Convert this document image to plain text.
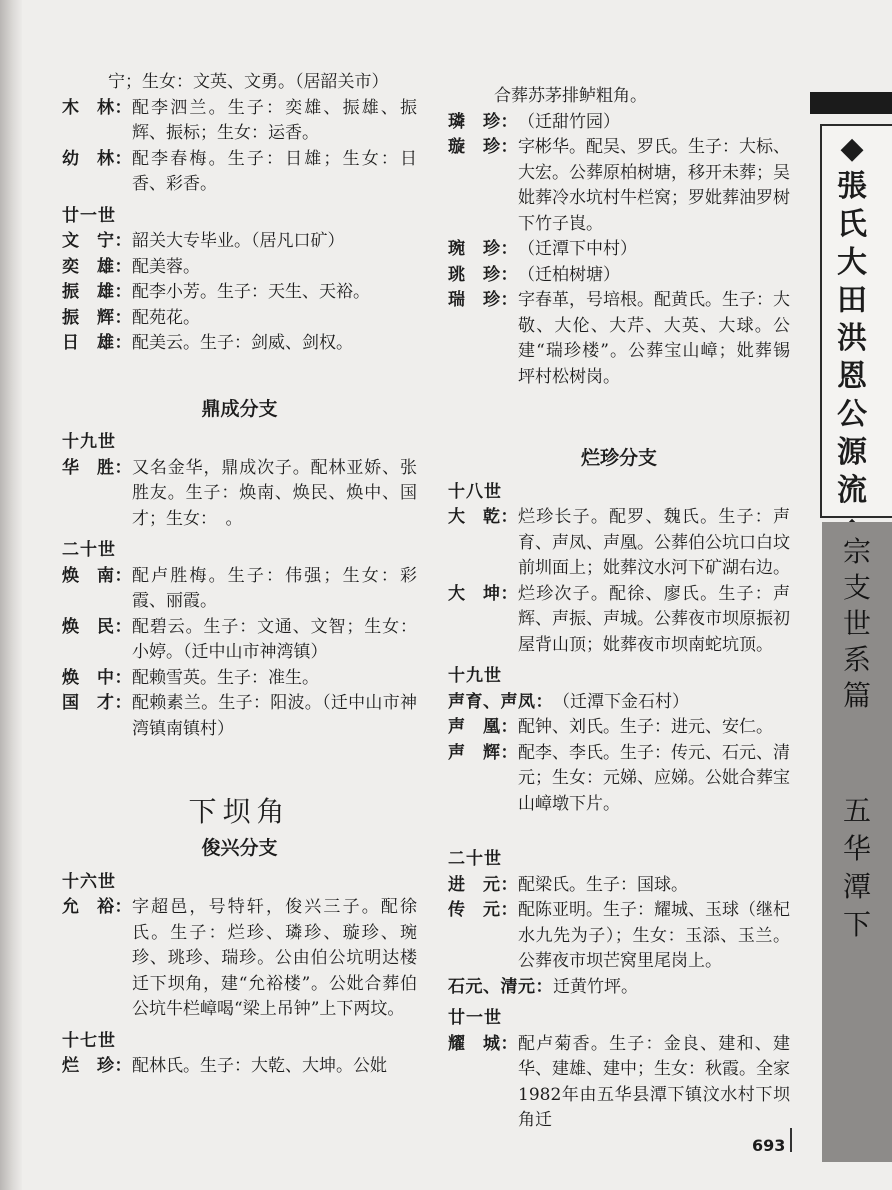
宁；生女：文英、文勇。（居韶关市）
木　林： 配李泗兰。生子：奕雄、振雄、振辉、振标；生女：运香。
幼　林： 配李春梅。生子：日雄；生女：日香、彩香。
廿一世
文　宁： 韶关大专毕业。（居凡口矿）
奕　雄： 配美蓉。
振　雄： 配李小芳。生子：天生、天裕。
振　辉： 配苑花。
日　雄： 配美云。生子：剑威、剑权。
鼎成分支
十九世
华　胜： 又名金华，鼎成次子。配林亚娇、张胜友。生子：焕南、焕民、焕中、国才；生女：　。
二十世
焕　南： 配卢胜梅。生子：伟强；生女：彩霞、丽霞。
焕　民： 配碧云。生子：文通、文智；生女：小婷。（迁中山市神湾镇）
焕　中： 配赖雪英。生子：准生。
国　才： 配赖素兰。生子：阳波。（迁中山市神湾镇南镇村）
下坝角
俊兴分支
十六世
允　裕： 字超邑，号特轩，俊兴三子。配徐氏。生子：烂珍、璘珍、璇珍、琬珍、珧珍、瑞珍。公由伯公坑明达楼迁下坝角，建“允裕楼”。公妣合葬伯公坑牛栏嶂喝“梁上吊钟”上下两坟。
十七世
烂　珍： 配林氏。生子：大乾、大坤。公妣
合葬苏茅排鲈粗角。
璘　珍： （迁甜竹园）
璇　珍： 字彬华。配吴、罗氏。生子：大标、大宏。公葬原柏树塘，移开未葬；吴妣葬冷水坑村牛栏窝；罗妣葬油罗树下竹子崀。
琬　珍： （迁潭下中村）
珧　珍： （迁柏树塘）
瑞　珍： 字春革，号培根。配黄氏。生子：大敬、大伦、大芹、大英、大球。公建“瑞珍楼”。公葬宝山嶂；妣葬锡坪村松树岗。
烂珍分支
十八世
大　乾： 烂珍长子。配罗、魏氏。生子：声育、声凤、声凰。公葬伯公坑口白坟前圳面上；妣葬汶水河下矿湖右边。
大　坤： 烂珍次子。配徐、廖氏。生子：声辉、声振、声城。公葬夜市坝原振初屋背山顶；妣葬夜市坝南蛇坑顶。
十九世
声育、声凤： （迁潭下金石村）
声　凰： 配钟、刘氏。生子：进元、安仁。
声　辉： 配李、李氏。生子：传元、石元、清元；生女：元娣、应娣。公妣合葬宝山嶂墩下片。
二十世
进　元： 配梁氏。生子：国球。
传　元： 配陈亚明。生子：耀城、玉球（继杞水九先为子）；生女：玉添、玉兰。公葬夜市坝芒窝里尾岗上。
石元、清元： 迁黄竹坪。
廿一世
耀　城： 配卢菊香。生子：金良、建和、建华、建雄、建中；生女：秋霞。全家1982年由五华县潭下镇汶水村下坝角迁
◆
張
氏
大
田
洪
恩
公
源
流
宗
支
世
系
篇
五
华
潭
下
693
